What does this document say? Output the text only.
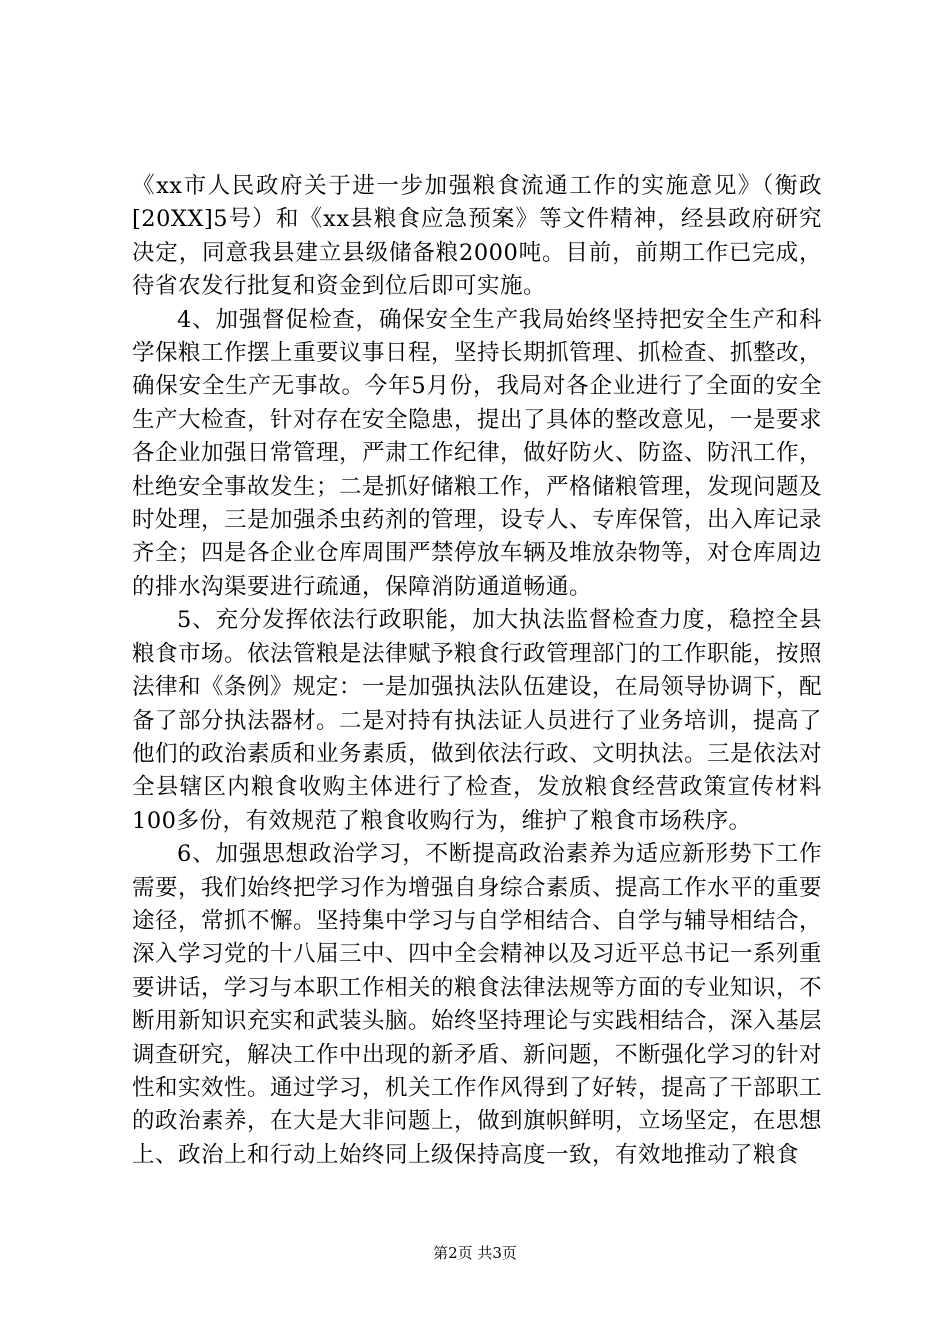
《xx市人民政府关于进一步加强粮食流通工作的实施意见》（衡政[20XX]5号）和《xx县粮食应急预案》等文件精神，经县政府研究决定，同意我县建立县级储备粮2000吨。目前，前期工作已完成，待省农发行批复和资金到位后即可实施。

4、加强督促检查，确保安全生产我局始终坚持把安全生产和科学保粮工作摆上重要议事日程，坚持长期抓管理、抓检查、抓整改，确保安全生产无事故。今年5月份，我局对各企业进行了全面的安全生产大检查，针对存在安全隐患，提出了具体的整改意见，一是要求各企业加强日常管理，严肃工作纪律，做好防火、防盗、防汛工作，杜绝安全事故发生；二是抓好储粮工作，严格储粮管理，发现问题及时处理，三是加强杀虫药剂的管理，设专人、专库保管，出入库记录齐全；四是各企业仓库周围严禁停放车辆及堆放杂物等，对仓库周边的排水沟渠要进行疏通，保障消防通道畅通。

5、充分发挥依法行政职能，加大执法监督检查力度，稳控全县粮食市场。依法管粮是法律赋予粮食行政管理部门的工作职能，按照法律和《条例》规定：一是加强执法队伍建设，在局领导协调下，配备了部分执法器材。二是对持有执法证人员进行了业务培训，提高了他们的政治素质和业务素质，做到依法行政、文明执法。三是依法对全县辖区内粮食收购主体进行了检查，发放粮食经营政策宣传材料100多份，有效规范了粮食收购行为，维护了粮食市场秩序。

6、加强思想政治学习，不断提高政治素养为适应新形势下工作需要，我们始终把学习作为增强自身综合素质、提高工作水平的重要途径，常抓不懈。坚持集中学习与自学相结合、自学与辅导相结合，深入学习党的十八届三中、四中全会精神以及习近平总书记一系列重要讲话，学习与本职工作相关的粮食法律法规等方面的专业知识，不断用新知识充实和武装头脑。始终坚持理论与实践相结合，深入基层调查研究，解决工作中出现的新矛盾、新问题，不断强化学习的针对性和实效性。通过学习，机关工作作风得到了好转，提高了干部职工的政治素养，在大是大非问题上，做到旗帜鲜明，立场坚定，在思想上、政治上和行动上始终同上级保持高度一致，有效地推动了粮食

第2页 共3页
